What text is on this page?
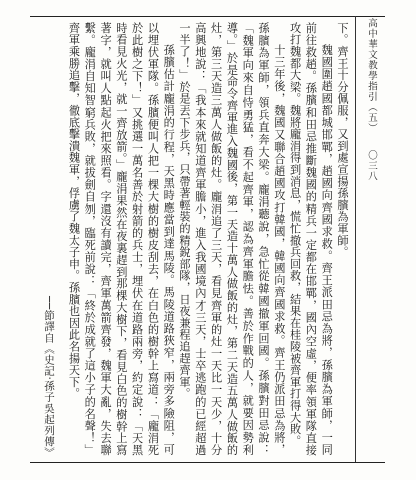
高中華文教學指引（五）
〇三八

下。齊王十分佩服，又到處宣揚孫臏為軍師。

魏國圍趙國都城邯鄲，趙國向齊國求救。齊王派田忌為將，孫臏為軍師，一同前往救趙。孫臏和田忌推斷魏國的精兵一定都在邯鄲，國內空虛，便率領軍隊直接攻打魏都大梁。魏將龐涓得到消息，慌忙撤兵回救，結果在桂陵被齊軍打得大敗。

十三年後，魏國又聯合趙國攻打韓國，韓國向齊國求救。齊王仍派田忌為將，孫臏為軍師，領兵直奔大梁。龐涓聽說，急忙從韓國撤軍回國。孫臏對田忌說：「魏軍向來自恃勇猛，看不起齊軍，認為齊軍膽怯。善於作戰的人，就要因勢利導。」於是命令齊軍進入魏國後，第一天造十萬人做飯的灶，第二天造五萬人做飯的灶，第三天造三萬人做飯的灶。龐涓追了三天，看見齊軍的灶一天比一天少，十分高興地說：「我本來就知道齊軍膽小，進入我國境內才三天，士卒逃跑的已經超過一半了！」於是丟下步兵，只帶著輕裝的精銳部隊，日夜兼程追趕齊軍。

孫臏估計龐涓的行程，天黑時應當到達馬陵。馬陵道路狹窄，兩旁多險阻，可以埋伏軍隊。孫臏便叫人把一棵大樹的樹皮刮去，在白色的樹幹上寫道：「龐涓死於此樹之下！」又挑選一萬名善於射箭的兵士，埋伏在道路兩旁，約定說：「天黑時看見火光，就一齊放箭。」龐涓果然在夜裏趕到那棵大樹下，看見白色的樹幹上寫著字，就叫人點起火把來照看。字還沒有讀完，齊軍萬箭齊發，魏軍大亂，失去聯繫。龐涓自知智窮兵敗，就拔劍自刎，臨死前說：「終於成就了這小子的名聲！」齊軍乘勝追擊，徹底擊潰魏軍，俘虜了魏太子申。孫臏也因此名揚天下。

──節譯自《史記‧孫子吳起列傳》
